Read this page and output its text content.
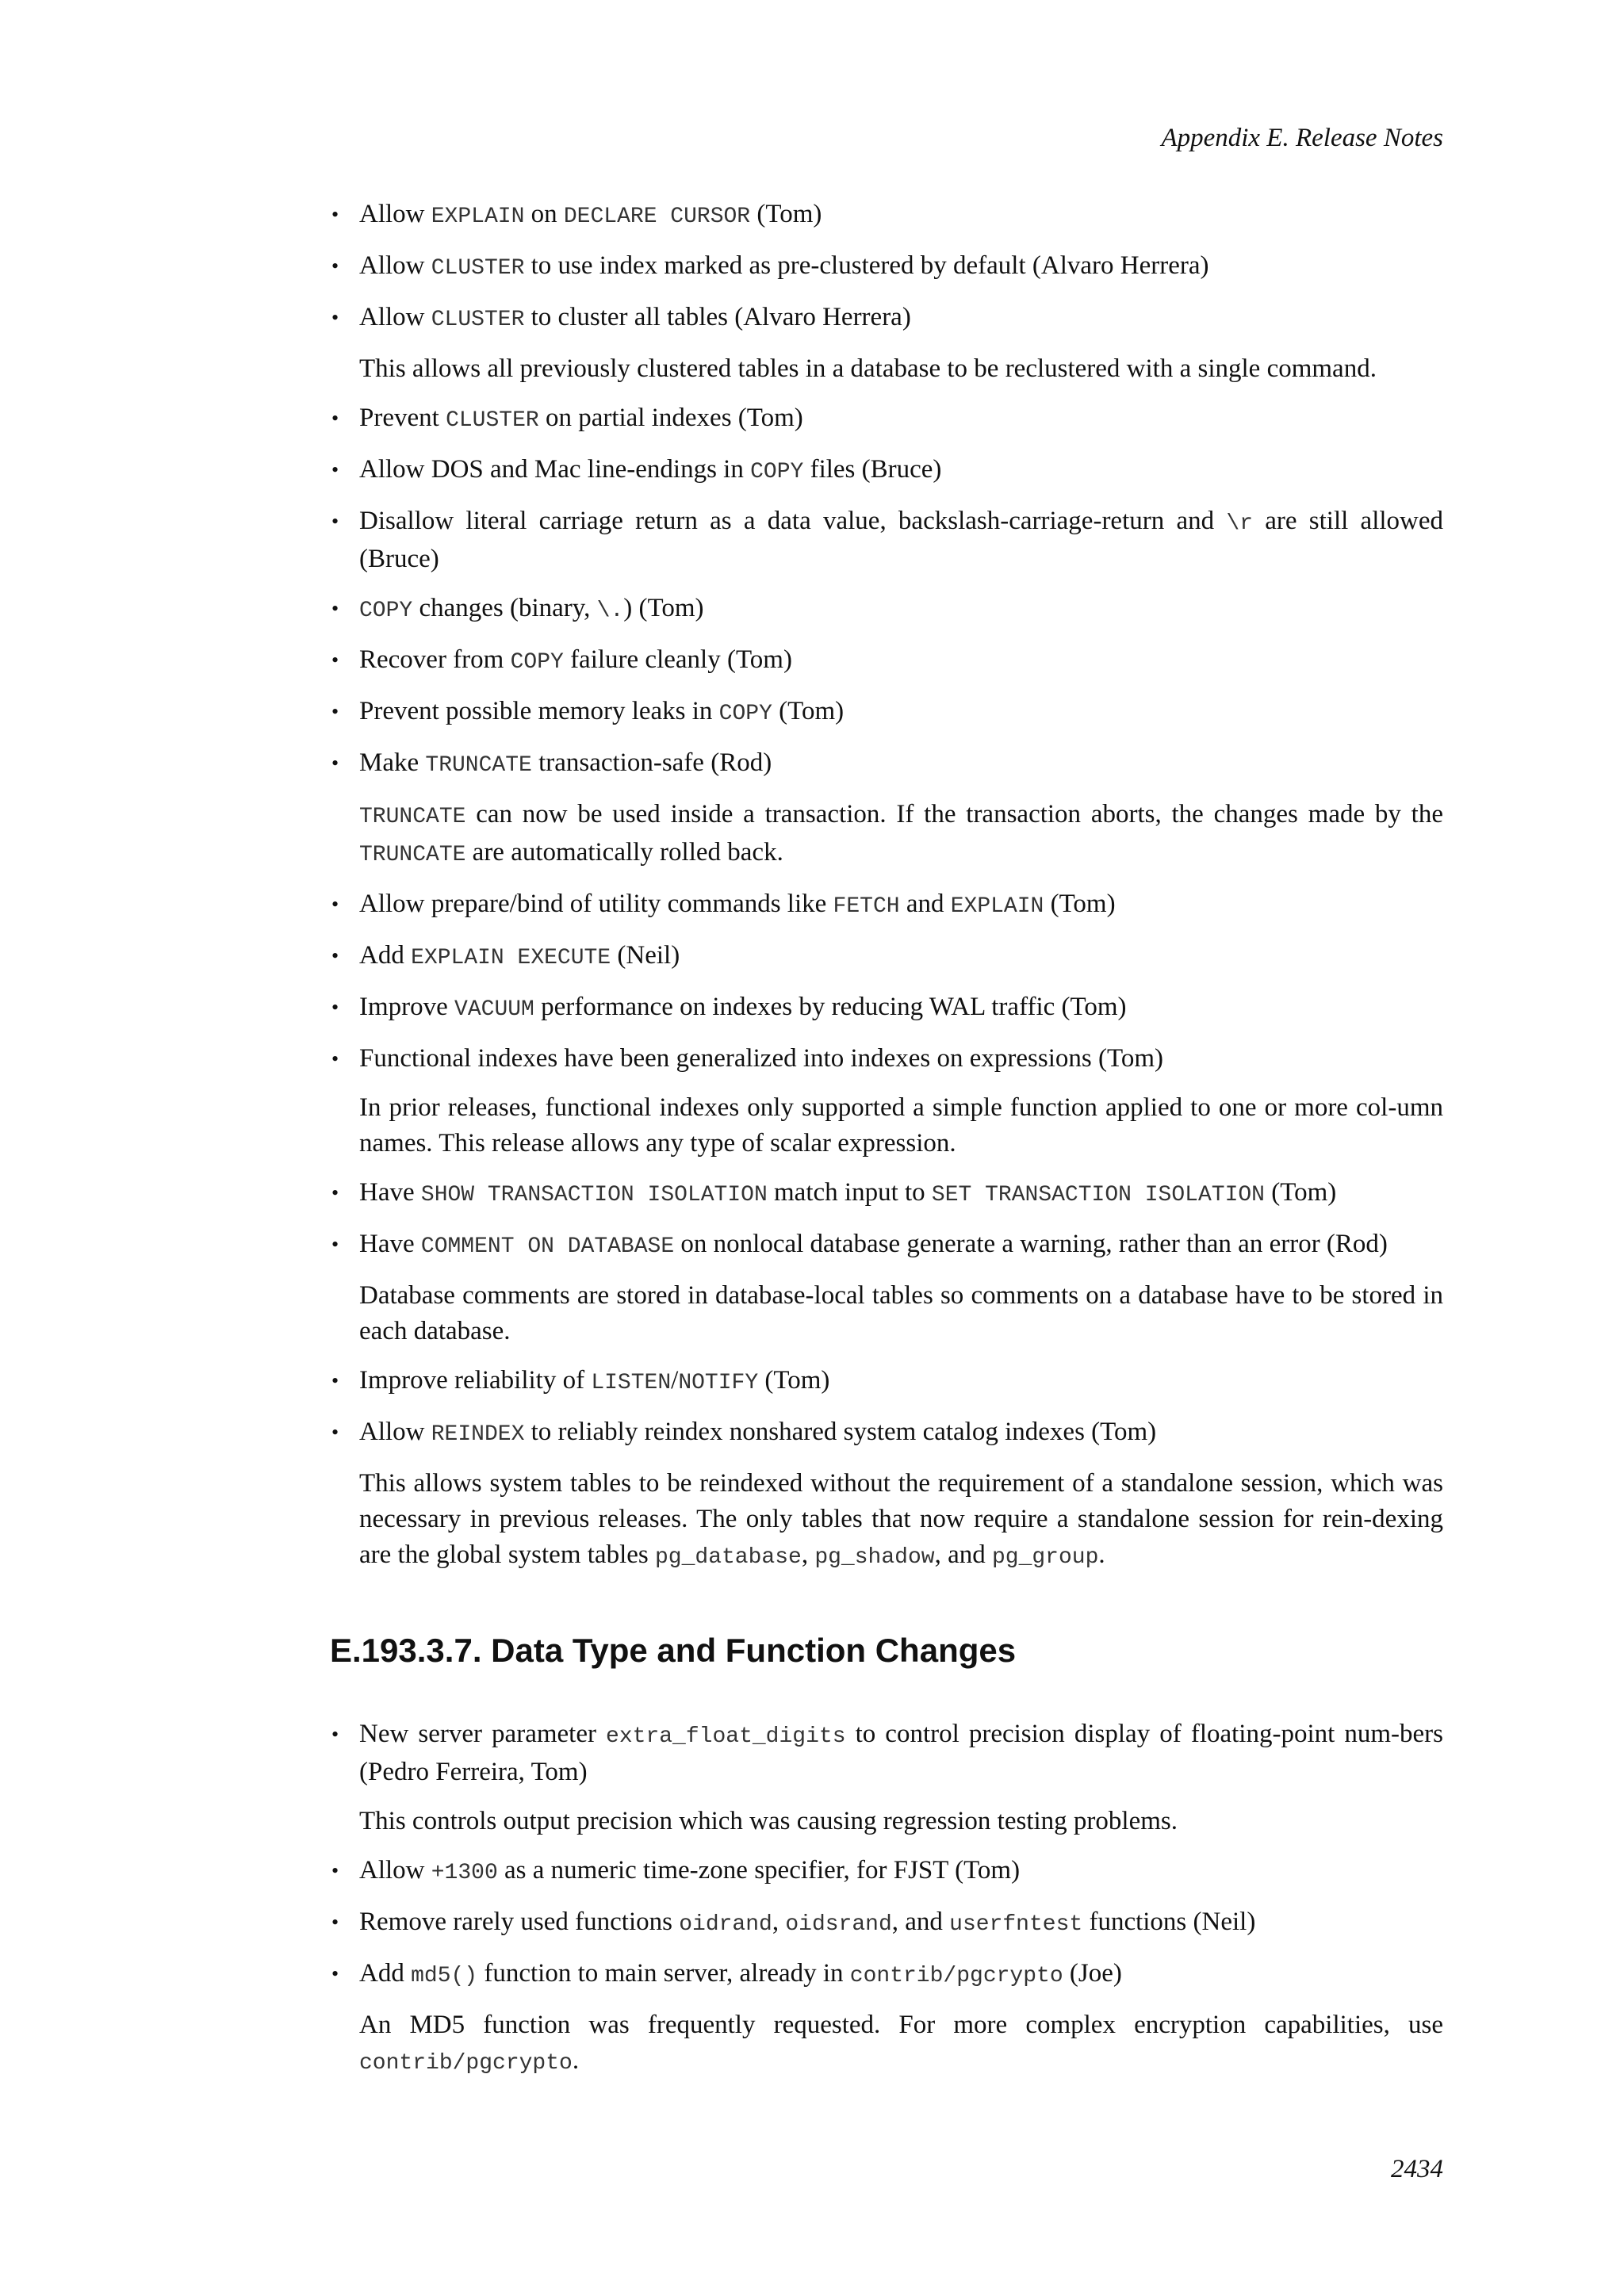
Appendix E. Release Notes
• Allow EXPLAIN on DECLARE CURSOR (Tom)
• Allow CLUSTER to use index marked as pre-clustered by default (Alvaro Herrera)
• Allow CLUSTER to cluster all tables (Alvaro Herrera)

This allows all previously clustered tables in a database to be reclustered with a single command.

• Prevent CLUSTER on partial indexes (Tom)
• Allow DOS and Mac line-endings in COPY files (Bruce)
• Disallow literal carriage return as a data value, backslash-carriage-return and \r are still allowed (Bruce)
• COPY changes (binary, \.) (Tom)
• Recover from COPY failure cleanly (Tom)
• Prevent possible memory leaks in COPY (Tom)
• Make TRUNCATE transaction-safe (Rod)

TRUNCATE can now be used inside a transaction. If the transaction aborts, the changes made by the TRUNCATE are automatically rolled back.

• Allow prepare/bind of utility commands like FETCH and EXPLAIN (Tom)
• Add EXPLAIN EXECUTE (Neil)
• Improve VACUUM performance on indexes by reducing WAL traffic (Tom)
• Functional indexes have been generalized into indexes on expressions (Tom)

In prior releases, functional indexes only supported a simple function applied to one or more col-umn names. This release allows any type of scalar expression.

• Have SHOW TRANSACTION ISOLATION match input to SET TRANSACTION ISOLATION (Tom)
• Have COMMENT ON DATABASE on nonlocal database generate a warning, rather than an error (Rod)

Database comments are stored in database-local tables so comments on a database have to be stored in each database.

• Improve reliability of LISTEN/NOTIFY (Tom)
• Allow REINDEX to reliably reindex nonshared system catalog indexes (Tom)

This allows system tables to be reindexed without the requirement of a standalone session, which was necessary in previous releases. The only tables that now require a standalone session for rein-dexing are the global system tables pg_database, pg_shadow, and pg_group.

E.193.3.7. Data Type and Function Changes
• New server parameter extra_float_digits to control precision display of floating-point num-bers (Pedro Ferreira, Tom)

This controls output precision which was causing regression testing problems.

• Allow +1300 as a numeric time-zone specifier, for FJST (Tom)
• Remove rarely used functions oidrand, oidsrand, and userfntest functions (Neil)
• Add md5() function to main server, already in contrib/pgcrypto (Joe)

An MD5 function was frequently requested. For more complex encryption capabilities, use contrib/pgcrypto.

2434
